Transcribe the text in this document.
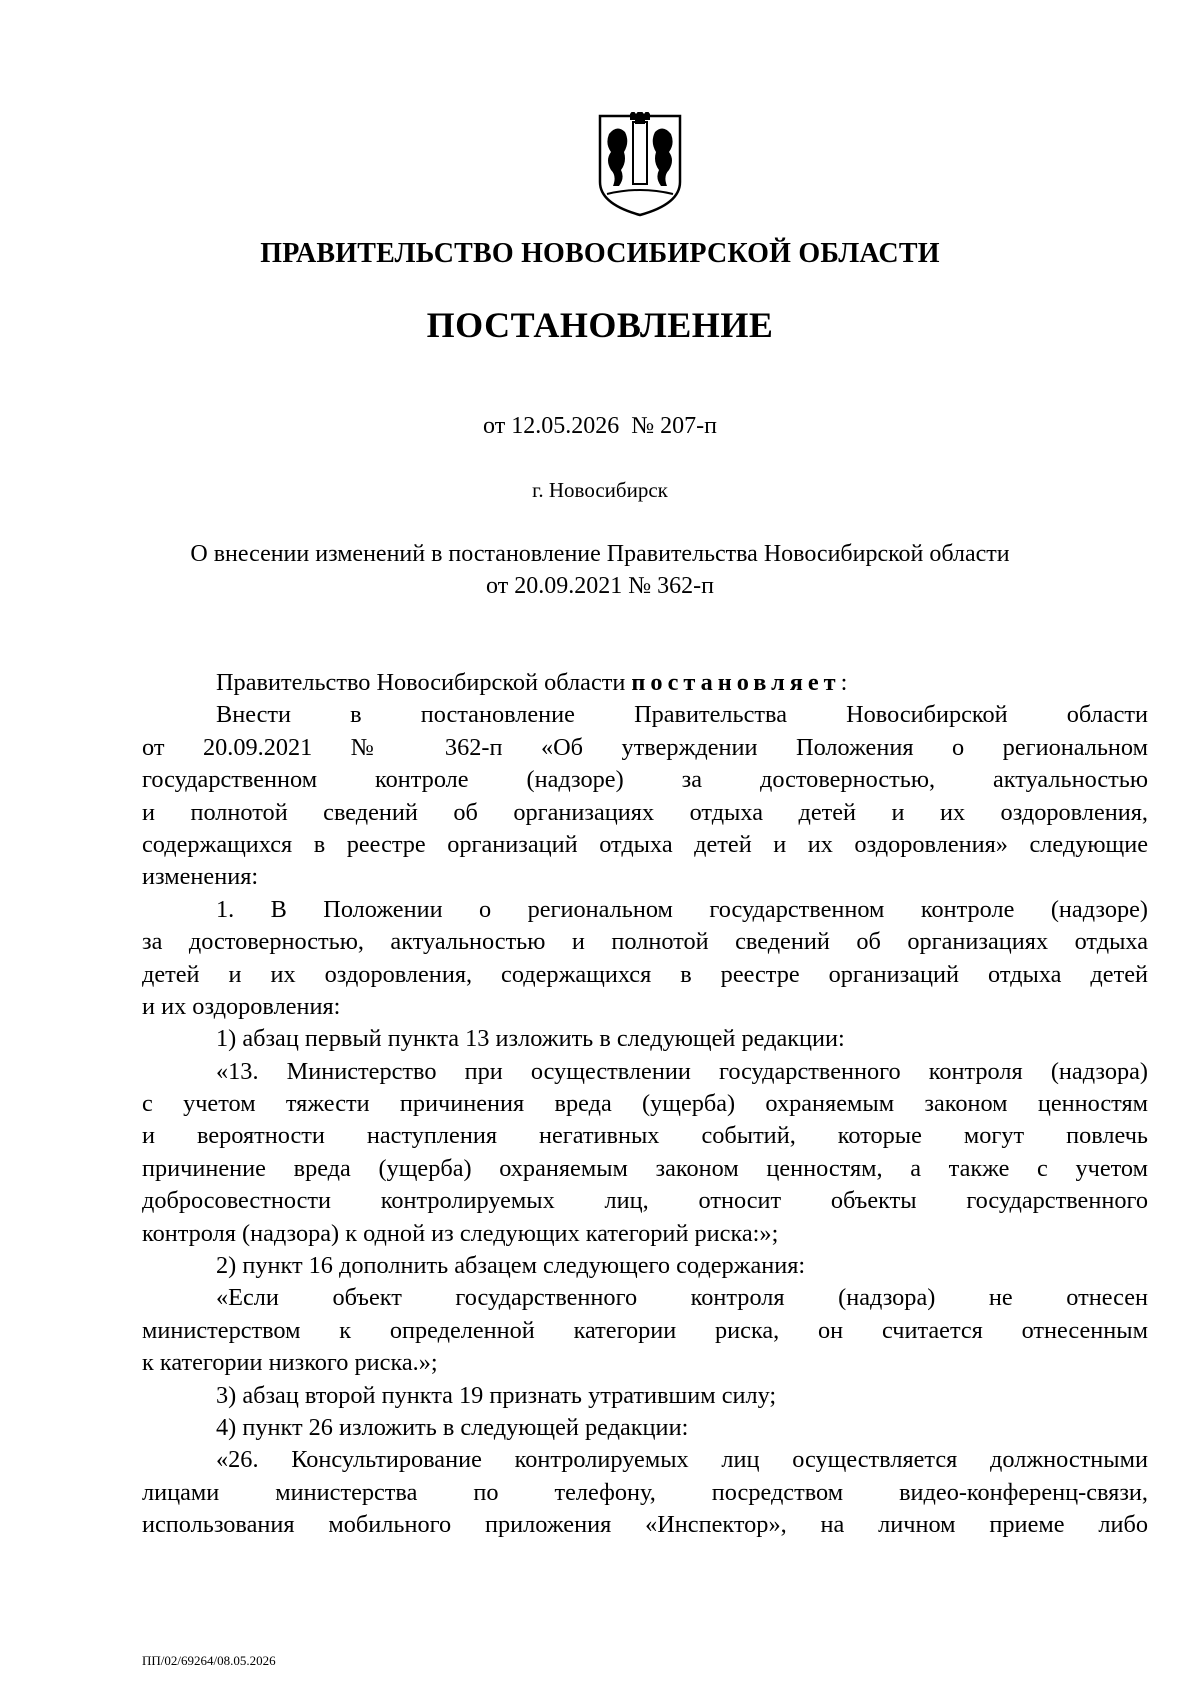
ПРАВИТЕЛЬСТВО НОВОСИБИРСКОЙ ОБЛАСТИ
ПОСТАНОВЛЕНИЕ
от 12.05.2026  № 207-п
г. Новосибирск
О внесении изменений в постановление Правительства Новосибирской области
от 20.09.2021 № 362-п
Правительство Новосибирской области постановляет:
Внести в постановление Правительства Новосибирской области
от 20.09.2021 № 362-п «Об утверждении Положения о региональном
государственном контроле (надзоре) за достоверностью, актуальностью
и полнотой сведений об организациях отдыха детей и их оздоровления,
содержащихся в реестре организаций отдыха детей и их оздоровления» следующие
изменения:
1. В Положении о региональном государственном контроле (надзоре)
за достоверностью, актуальностью и полнотой сведений об организациях отдыха
детей и их оздоровления, содержащихся в реестре организаций отдыха детей
и их оздоровления:
1) абзац первый пункта 13 изложить в следующей редакции:
«13. Министерство при осуществлении государственного контроля (надзора)
с учетом тяжести причинения вреда (ущерба) охраняемым законом ценностям
и вероятности наступления негативных событий, которые могут повлечь
причинение вреда (ущерба) охраняемым законом ценностям, а также с учетом
добросовестности контролируемых лиц, относит объекты государственного
контроля (надзора) к одной из следующих категорий риска:»;
2) пункт 16 дополнить абзацем следующего содержания:
«Если объект государственного контроля (надзора) не отнесен
министерством к определенной категории риска, он считается отнесенным
к категории низкого риска.»;
3) абзац второй пункта 19 признать утратившим силу;
4) пункт 26 изложить в следующей редакции:
«26. Консультирование контролируемых лиц осуществляется должностными
лицами министерства по телефону, посредством видео-конференц-связи,
использования мобильного приложения «Инспектор», на личном приеме либо
ПП/02/69264/08.05.2026
